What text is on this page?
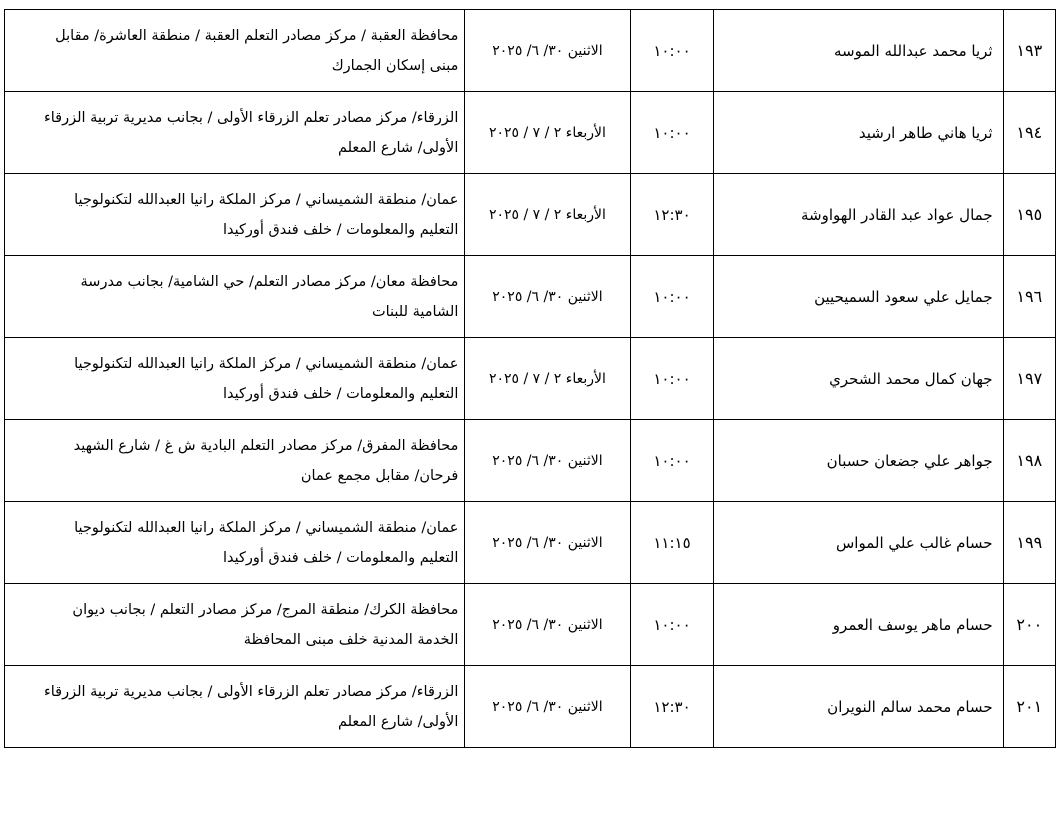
١٩٣	ثريا محمد عبدالله الموسه	١٠:٠٠	الاثنين ٣٠/ ٦/ ٢٠٢٥	محافظة العقبة / مركز مصادر التعلم العقبة / منطقة العاشرة/ مقابل
مبنى إسكان الجمارك

١٩٤	ثريا هاني طاهر ارشيد	١٠:٠٠	الأربعاء ٢ / ٧ / ٢٠٢٥	الزرقاء/ مركز مصادر تعلم الزرقاء الأولى / بجانب مديرية تربية الزرقاء
الأولى/ شارع المعلم

١٩٥	جمال عواد عبد القادر الهواوشة	١٢:٣٠	الأربعاء ٢ / ٧ / ٢٠٢٥	عمان/ منطقة الشميساني / مركز الملكة رانيا العبدالله لتكنولوجيا
التعليم والمعلومات / خلف فندق أوركيدا

١٩٦	جمايل علي سعود السميحيين	١٠:٠٠	الاثنين ٣٠/ ٦/ ٢٠٢٥	محافظة معان/ مركز مصادر التعلم/ حي الشامية/ بجانب مدرسة
الشامية للبنات

١٩٧	جهان كمال محمد الشحري	١٠:٠٠	الأربعاء ٢ / ٧ / ٢٠٢٥	عمان/ منطقة الشميساني / مركز الملكة رانيا العبدالله لتكنولوجيا
التعليم والمعلومات / خلف فندق أوركيدا

١٩٨	جواهر علي جضعان حسبان	١٠:٠٠	الاثنين ٣٠/ ٦/ ٢٠٢٥	محافظة المفرق/ مركز مصادر التعلم البادية ش غ / شارع الشهيد
فرحان/ مقابل مجمع عمان

١٩٩	حسام غالب علي المواس	١١:١٥	الاثنين ٣٠/ ٦/ ٢٠٢٥	عمان/ منطقة الشميساني / مركز الملكة رانيا العبدالله لتكنولوجيا
التعليم والمعلومات / خلف فندق أوركيدا

٢٠٠	حسام ماهر يوسف العمرو	١٠:٠٠	الاثنين ٣٠/ ٦/ ٢٠٢٥	محافظة الكرك/ منطقة المرج/ مركز مصادر التعلم / بجانب ديوان
الخدمة المدنية خلف مبنى المحافظة

٢٠١	حسام محمد سالم النويران	١٢:٣٠	الاثنين ٣٠/ ٦/ ٢٠٢٥	الزرقاء/ مركز مصادر تعلم الزرقاء الأولى / بجانب مديرية تربية الزرقاء
الأولى/ شارع المعلم
